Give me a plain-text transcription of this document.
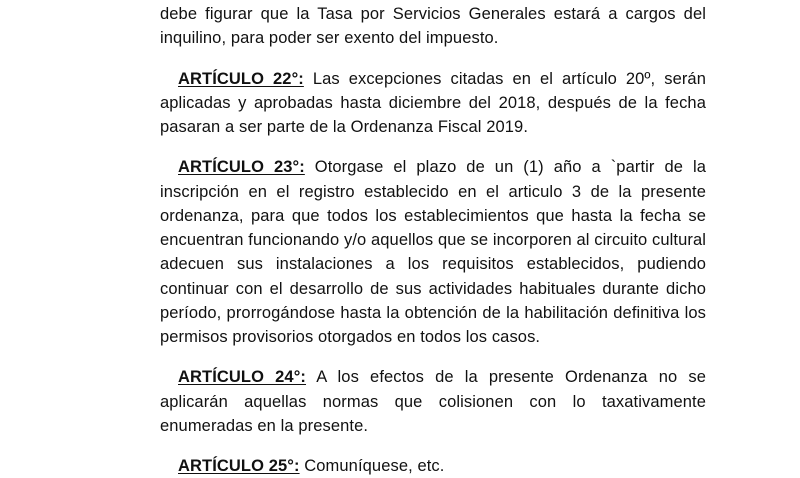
debe figurar que la Tasa por Servicios Generales estará a cargos del inquilino, para poder ser exento del impuesto.

ARTÍCULO 22°: Las excepciones citadas en el artículo 20º, serán aplicadas y aprobadas hasta diciembre del 2018, después de la fecha pasaran a ser parte de la Ordenanza Fiscal 2019.

ARTÍCULO 23°: Otorgase el plazo de un (1) año a `partir de la inscripción en el registro establecido en el articulo 3 de la presente ordenanza, para que todos los establecimientos que hasta la fecha se encuentran funcionando y/o aquellos que se incorporen al circuito cultural adecuen sus instalaciones a los requisitos establecidos, pudiendo continuar con el desarrollo de sus actividades habituales durante dicho período, prorrogándose hasta la obtención de la habilitación definitiva los permisos provisorios otorgados en todos los casos.

ARTÍCULO 24°: A los efectos de la presente Ordenanza no se aplicarán aquellas normas que colisionen con lo taxativamente enumeradas en la presente.

ARTÍCULO 25°: Comuníquese, etc.
